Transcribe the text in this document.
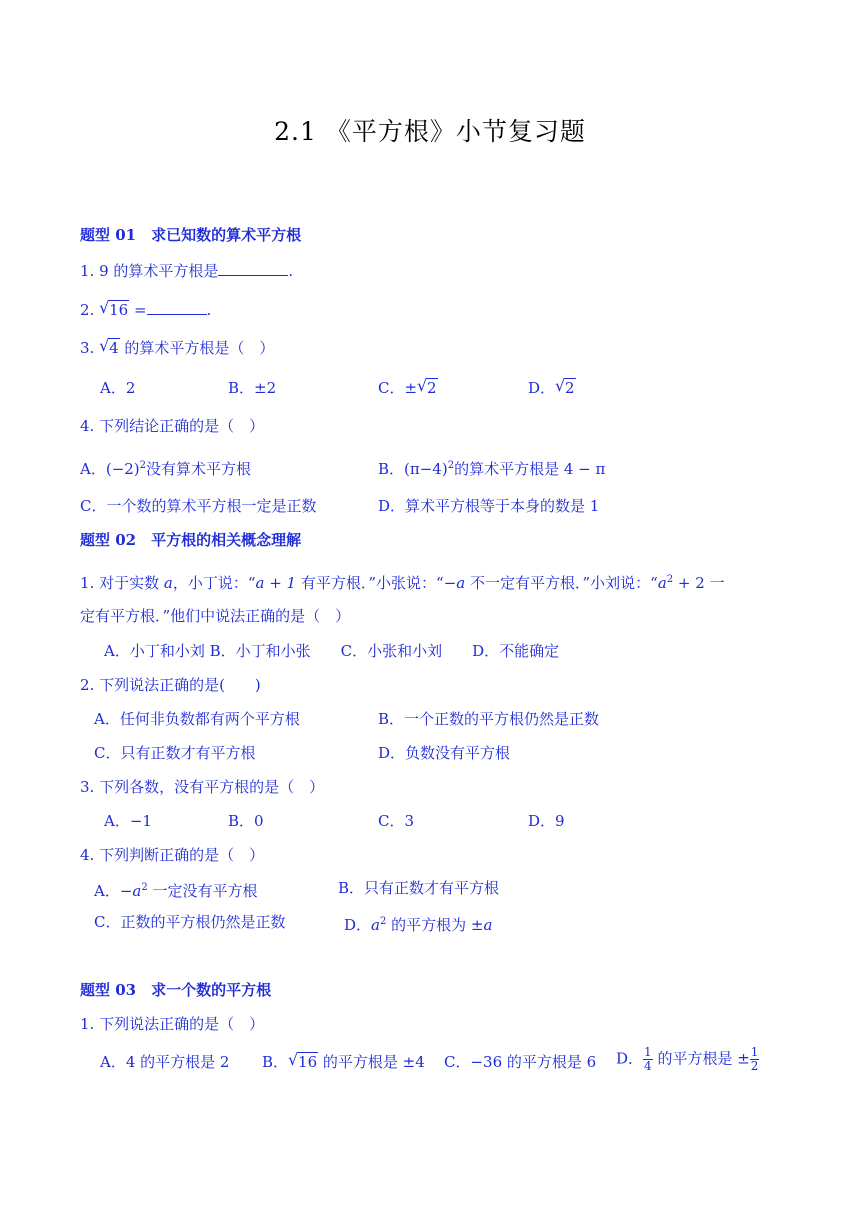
2.1 《平方根》小节复习题
题型 01　求已知数的算术平方根
1. 9 的算术平方根是	.
2. √ 16 =	.
3. √ 4 的算术平方根是（　）
A．2	B．±2	C．± √ 2	D． √ 2
4. 下列结论正确的是（　）
A．$(-2)^2$没有算术平方根	B．$(\pi-4)^2$的算术平方根是 4 − π
C．一个数的算术平方根一定是正数	D．算术平方根等于本身的数是 1
题型 02　平方根的相关概念理解
1. 对于实数 a，小丁说：“a + 1 有平方根．”小张说：“−a 不一定有平方根．”小刘说：“$a^2 + 2$ 一
定有平方根．”他们中说法正确的是（　）
A．小丁和小刘 B．小丁和小张　　C．小张和小刘　　D．不能确定
2. 下列说法正确的是(　　)
A．任何非负数都有两个平方根	B．一个正数的平方根仍然是正数
C．只有正数才有平方根	D．负数没有平方根
3. 下列各数，没有平方根的是（　）
A．−1	B．0	C．3	D．9
4. 下列判断正确的是（　）
A．$-a^2$ 一定没有平方根	B．只有正数才有平方根
C．正数的平方根仍然是正数	D．$a^2$ 的平方根为 ±a
题型 03　求一个数的平方根
1. 下列说法正确的是（　）
A．4 的平方根是 2 B． √ 16 的平方根是 ±4 C．−36 的平方根是 6 D． $\frac{1}{4}$ 的平方根是 ± $\frac{1}{2}$
